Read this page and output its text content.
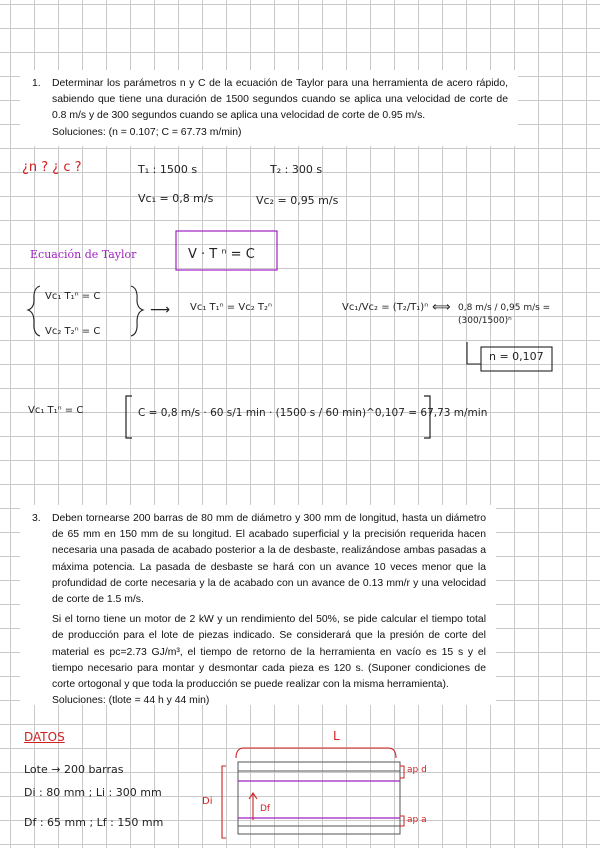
1. Determinar los parámetros n y C de la ecuación de Taylor para una herramienta de acero rápido, sabiendo que tiene una duración de 1500 segundos cuando se aplica una velocidad de corte de 0.8 m/s y de 300 segundos cuando se aplica una velocidad de corte de 0.95 m/s.

Soluciones: (n = 0.107; C = 67.73 m/min)

¿n ? ¿ c ?	T₁ : 1500 s	T₂ : 300 s
Vc₁ = 0,8 m/s	Vc₂ = 0,95 m/s
Ecuación de Taylor	V · T ⁿ = C
Vc₁ T₁ⁿ = C
Vc₂ T₂ⁿ = C
⟶ Vc₁ T₁ⁿ = Vc₂ T₂ⁿ	Vc₁/Vc₂ = (T₂/T₁)ⁿ ⟺ 0,8 m/s / 0,95 m/s = (300/1500)ⁿ
n = 0,107
Vc₁ T₁ⁿ = C	C = 0,8 m/s · 60 s/1 min · (1500 s / 60 min)^0,107 = 67,73 m/min
3. Deben tornearse 200 barras de 80 mm de diámetro y 300 mm de longitud, hasta un diámetro de 65 mm en 150 mm de su longitud. El acabado superficial y la precisión requerida hacen necesaria una pasada de acabado posterior a la de desbaste, realizándose ambas pasadas a máxima potencia. La pasada de desbaste se hará con un avance 10 veces menor que la profundidad de corte necesaria y la de acabado con un avance de 0.13 mm/r y una velocidad de corte de 1.5 m/s.

Si el torno tiene un motor de 2 kW y un rendimiento del 50%, se pide calcular el tiempo total de producción para el lote de piezas indicado. Se considerará que la presión de corte del material es pc=2.73 GJ/m³, el tiempo de retorno de la herramienta en vacío es 15 s y el tiempo necesario para montar y desmontar cada pieza es 120 s. (Suponer condiciones de corte ortogonal y que toda la producción se puede realizar con la misma herramienta).

Soluciones: (tlote = 44 h y 44 min)

DATOS
Lote → 200 barras
Di : 80 mm ; Li : 300 mm
Df : 65 mm ; Lf : 150 mm
L
Di
Df
ap d
ap a
